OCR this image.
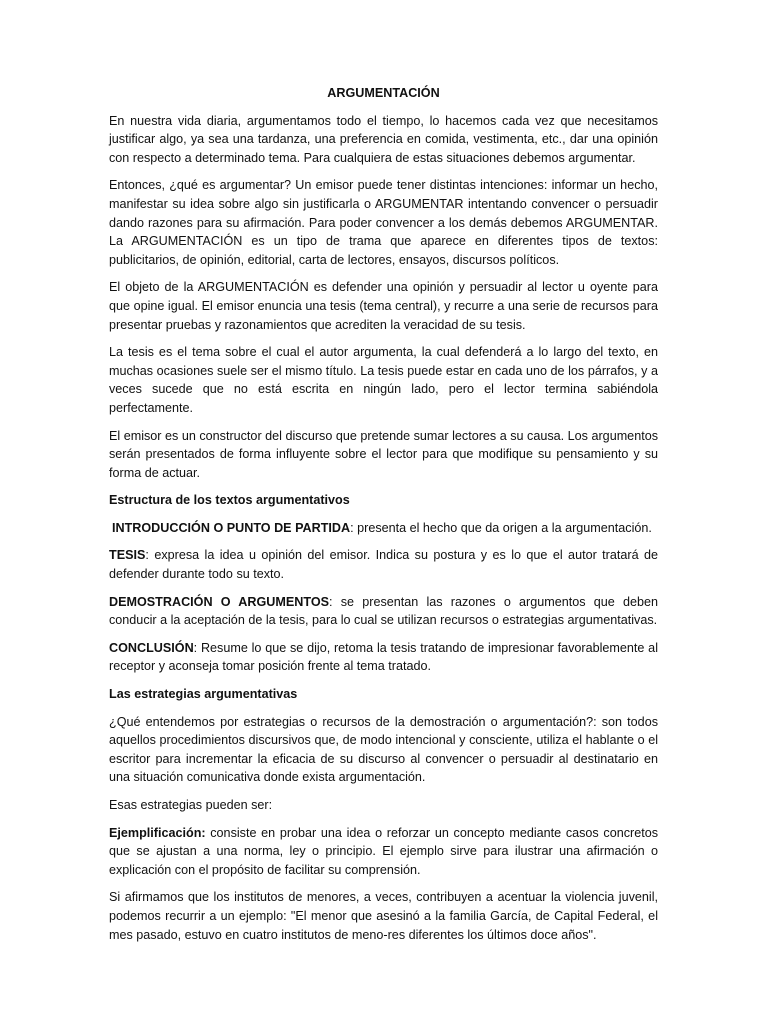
ARGUMENTACIÓN

En nuestra vida diaria, argumentamos todo el tiempo, lo hacemos cada vez que necesitamos justificar algo, ya sea una tardanza, una preferencia en comida, vestimenta, etc., dar una opinión con respecto a determinado tema. Para cualquiera de estas situaciones debemos argumentar.

Entonces, ¿qué es argumentar? Un emisor puede tener distintas intenciones: informar un hecho, manifestar su idea sobre algo sin justificarla o ARGUMENTAR intentando convencer o persuadir dando razones para su afirmación. Para poder convencer a los demás debemos ARGUMENTAR. La ARGUMENTACIÓN es un tipo de trama que aparece en diferentes tipos de textos: publicitarios, de opinión, editorial, carta de lectores, ensayos, discursos políticos.

El objeto de la ARGUMENTACIÓN es defender una opinión y persuadir al lector u oyente para que opine igual. El emisor enuncia una tesis (tema central), y recurre a una serie de recursos para presentar pruebas y razonamientos que acrediten la veracidad de su tesis.

La tesis es el tema sobre el cual el autor argumenta, la cual defenderá a lo largo del texto, en muchas ocasiones suele ser el mismo título. La tesis puede estar en cada uno de los párrafos, y a veces sucede que no está escrita en ningún lado, pero el lector termina sabiéndola perfectamente.

El emisor es un constructor del discurso que pretende sumar lectores a su causa. Los argumentos serán presentados de forma influyente sobre el lector para que modifique su pensamiento y su forma de actuar.

Estructura de los textos argumentativos

INTRODUCCIÓN O PUNTO DE PARTIDA: presenta el hecho que da origen a la argumentación.

TESIS: expresa la idea u opinión del emisor. Indica su postura y es lo que el autor tratará de defender durante todo su texto.

DEMOSTRACIÓN O ARGUMENTOS: se presentan las razones o argumentos que deben conducir a la aceptación de la tesis, para lo cual se utilizan recursos o estrategias argumentativas.

CONCLUSIÓN: Resume lo que se dijo, retoma la tesis tratando de impresionar favorablemente al receptor y aconseja tomar posición frente al tema tratado.

Las estrategias argumentativas

¿Qué entendemos por estrategias o recursos de la demostración o argumentación?: son todos aquellos procedimientos discursivos que, de modo intencional y consciente, utiliza el hablante o el escritor para incrementar la eficacia de su discurso al convencer o persuadir al destinatario en una situación comunicativa donde exista argumentación.

Esas estrategias pueden ser:

Ejemplificación: consiste en probar una idea o reforzar un concepto mediante casos concretos que se ajustan a una norma, ley o principio. El ejemplo sirve para ilustrar una afirmación o explicación con el propósito de facilitar su comprensión.

Si afirmamos que los institutos de menores, a veces, contribuyen a acentuar la violencia juvenil, podemos recurrir a un ejemplo: "El menor que asesinó a la familia García, de Capital Federal, el mes pasado, estuvo en cuatro institutos de meno-res diferentes los últimos doce años".
